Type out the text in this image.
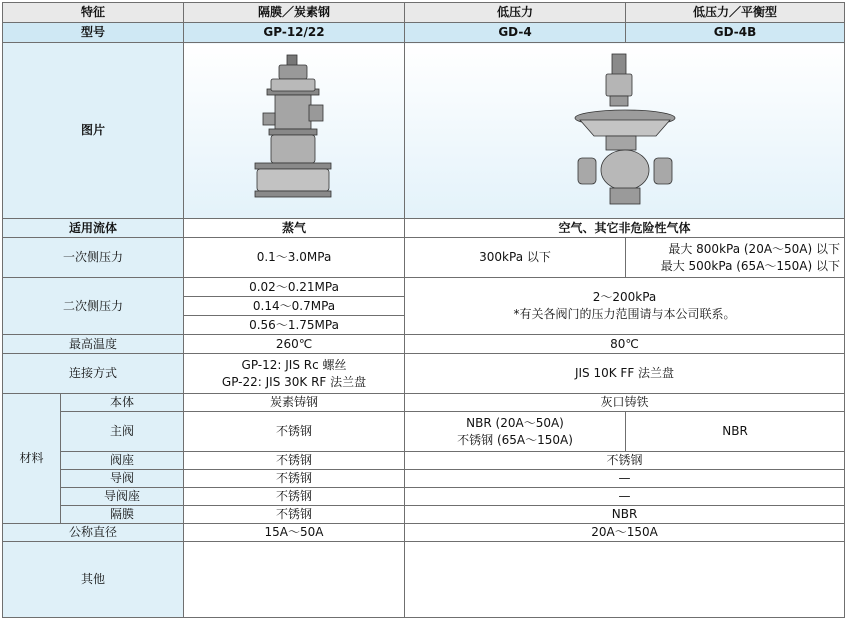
特征		隔膜／炭素钢	低压力	低压力／平衡型
型号		GP-12/22	GD-4	GD-4B
图片	

适用流体		蒸气	空气、其它非危险性气体	
一次侧压力		0.1～3.0MPa	300kPa 以下	最大 800kPa (20A～50A) 以下
最大 500kPa (65A～150A) 以下

二次侧压力		0.02～0.21MPa	2～200kPa
*有关各阀门的压力范围请与本公司联系。	

		0.14～0.7MPa		
		0.56～1.75MPa		
最高温度		260℃	80℃	
连接方式		GP-12: JIS Rc 螺丝
GP-22: JIS 30K RF 法兰盘	JIS 10K FF 法兰盘	
材料	本体	炭素铸钢	灰口铸铁	
	主阀	不锈钢	NBR (20A～50A)
不锈钢 (65A～150A)	NBR
	阀座	不锈钢	不锈钢	
	导阀	不锈钢	—	
	导阀座	不锈钢	—	
	隔膜	不锈钢	NBR	
公称直径		15A～50A	20A～150A	
其他				
